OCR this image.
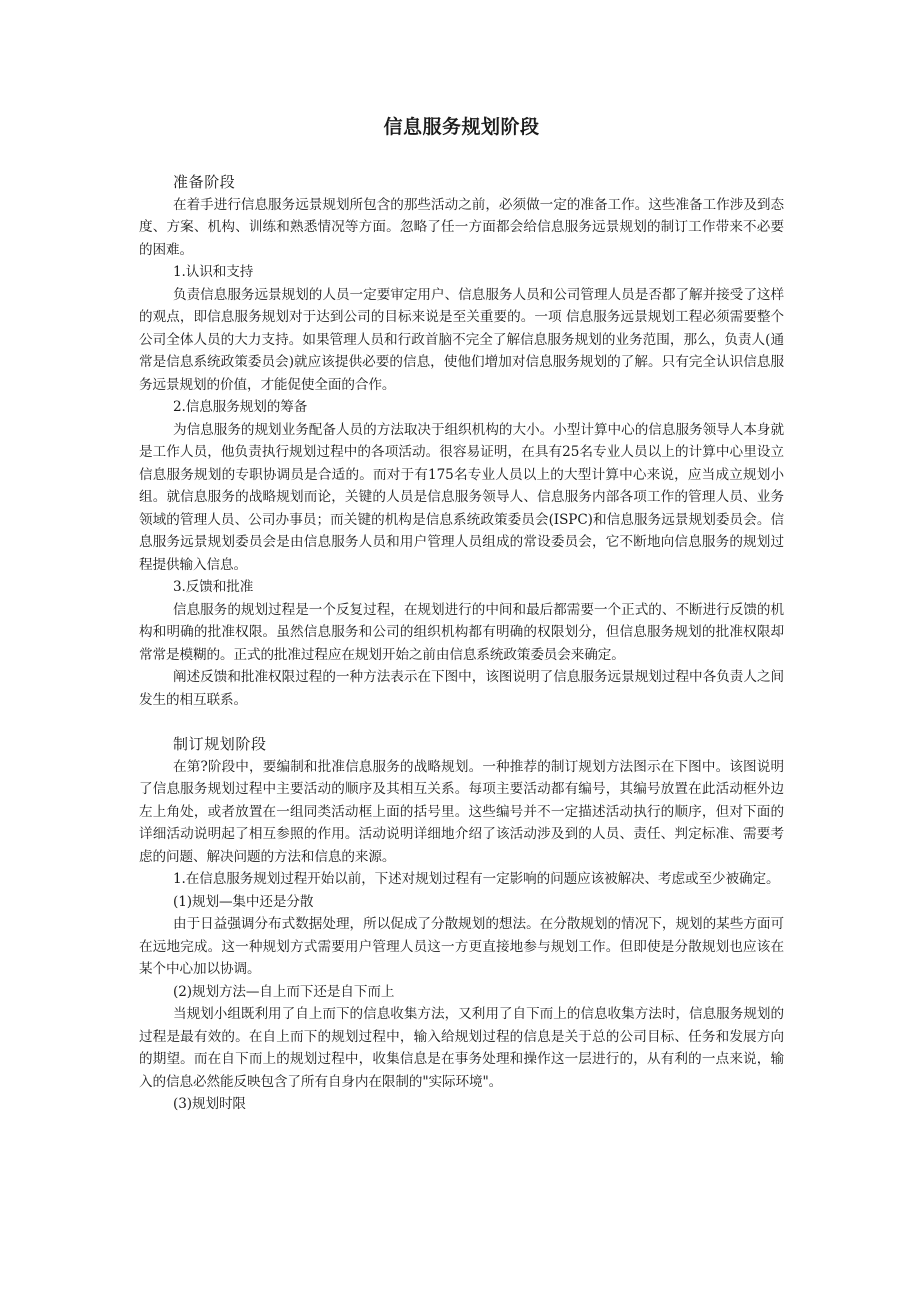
信息服务规划阶段
准备阶段

在着手进行信息服务远景规划所包含的那些活动之前，必须做一定的准备工作。这些准备工作涉及到态度、方案、机构、训练和熟悉情况等方面。忽略了任一方面都会给信息服务远景规划的制订工作带来不必要的困难。

1.认识和支持

负责信息服务远景规划的人员一定要审定用户、信息服务人员和公司管理人员是否都了解并接受了这样的观点，即信息服务规划对于达到公司的目标来说是至关重要的。一项 信息服务远景规划工程必须需要整个公司全体人员的大力支持。如果管理人员和行政首脑不完全了解信息服务规划的业务范围，那么，负责人(通常是信息系统政策委员会)就应该提供必要的信息，使他们增加对信息服务规划的了解。只有完全认识信息服务远景规划的价值，才能促使全面的合作。

2.信息服务规划的筹备

为信息服务的规划业务配备人员的方法取决于组织机构的大小。小型计算中心的信息服务领导人本身就是工作人员，他负责执行规划过程中的各项活动。很容易证明，在具有25名专业人员以上的计算中心里设立信息服务规划的专职协调员是合适的。而对于有175名专业人员以上的大型计算中心来说，应当成立规划小组。就信息服务的战略规划而论，关键的人员是信息服务领导人、信息服务内部各项工作的管理人员、业务领域的管理人员、公司办事员；而关键的机构是信息系统政策委员会(ISPC)和信息服务远景规划委员会。信息服务远景规划委员会是由信息服务人员和用户管理人员组成的常设委员会，它不断地向信息服务的规划过程提供输入信息。

3.反馈和批准

信息服务的规划过程是一个反复过程，在规划进行的中间和最后都需要一个正式的、不断进行反馈的机构和明确的批准权限。虽然信息服务和公司的组织机构都有明确的权限划分，但信息服务规划的批准权限却常常是模糊的。正式的批准过程应在规划开始之前由信息系统政策委员会来确定。

阐述反馈和批准权限过程的一种方法表示在下图中，该图说明了信息服务远景规划过程中各负责人之间发生的相互联系。

制订规划阶段

在第?阶段中，要编制和批准信息服务的战略规划。一种推荐的制订规划方法图示在下图中。该图说明了信息服务规划过程中主要活动的顺序及其相互关系。每项主要活动都有编号，其编号放置在此活动框外边左上角处，或者放置在一组同类活动框上面的括号里。这些编号并不一定描述活动执行的顺序，但对下面的详细活动说明起了相互参照的作用。活动说明详细地介绍了该活动涉及到的人员、责任、判定标准、需要考虑的问题、解决问题的方法和信息的来源。

1.在信息服务规划过程开始以前，下述对规划过程有一定影响的问题应该被解决、考虑或至少被确定。

(1)规划—集中还是分散

由于日益强调分布式数据处理，所以促成了分散规划的想法。在分散规划的情况下，规划的某些方面可在远地完成。这一种规划方式需要用户管理人员这一方更直接地参与规划工作。但即使是分散规划也应该在某个中心加以协调。

(2)规划方法—自上而下还是自下而上

当规划小组既利用了自上而下的信息收集方法，又利用了自下而上的信息收集方法时，信息服务规划的过程是最有效的。在自上而下的规划过程中，输入给规划过程的信息是关于总的公司目标、任务和发展方向的期望。而在自下而上的规划过程中，收集信息是在事务处理和操作这一层进行的，从有利的一点来说，输入的信息必然能反映包含了所有自身内在限制的"实际环境"。

(3)规划时限
